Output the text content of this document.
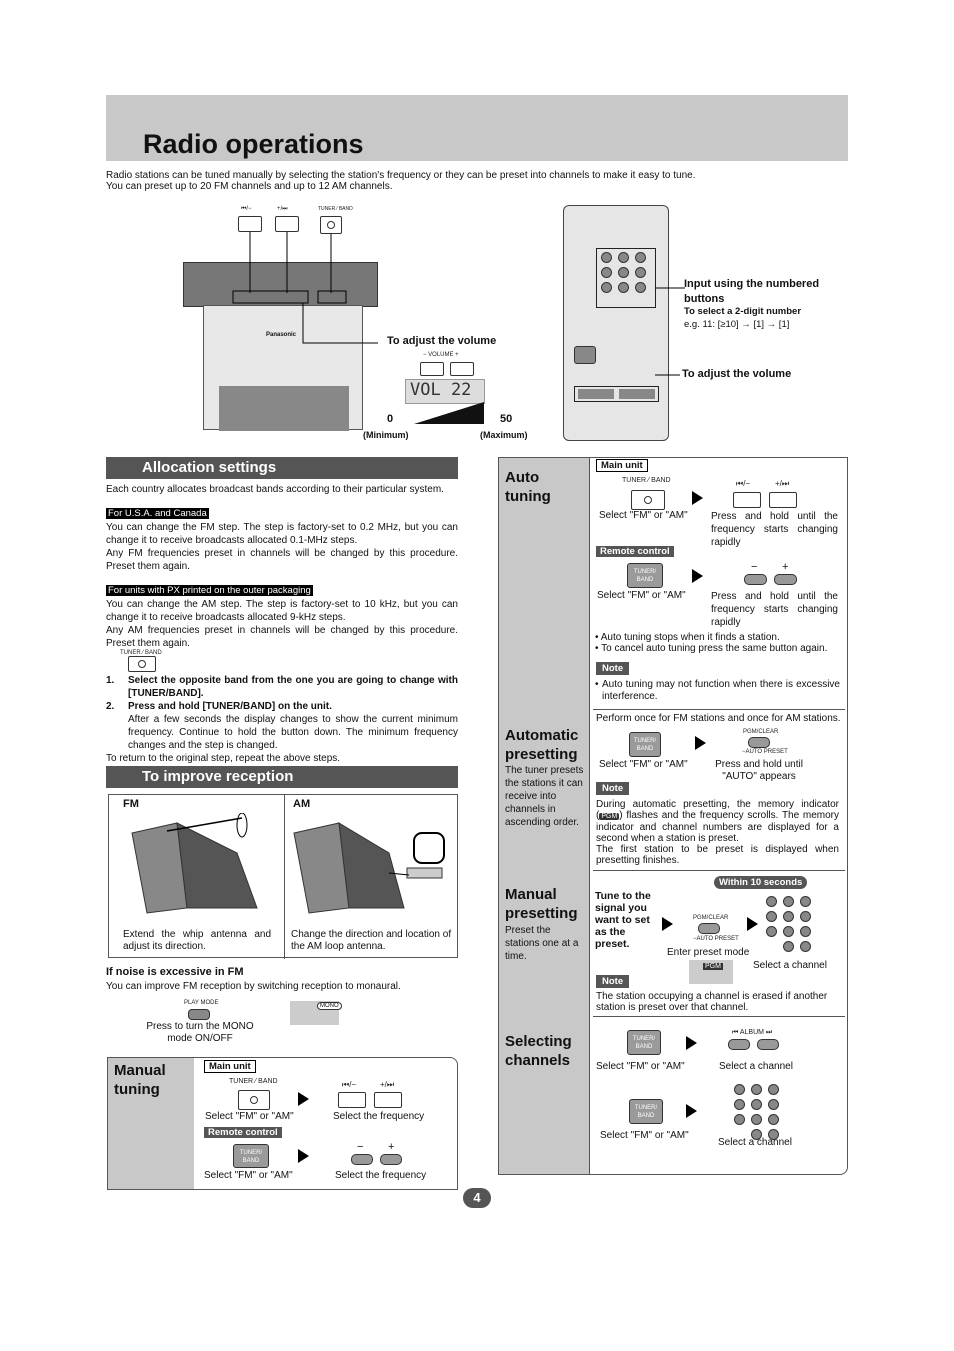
Radio operations
Radio stations can be tuned manually by selecting the station's frequency or they can be preset into channels to make it easy to tune.
You can preset up to 20 FM channels and up to 12 AM channels.
⏮/−	+/⏭	TUNER ⁄ BAND
Panasonic	To adjust the volume
− VOLUME +
VOL 22
0	50
(Minimum)	(Maximum)
Input using the numbered buttons
To select a 2-digit number
e.g. 11: [≥10] → [1] → [1]
To adjust the volume
Allocation settings
Each country allocates broadcast bands according to their particular system.
For U.S.A. and Canada
You can change the FM step. The step is factory-set to 0.2 MHz, but you can change it to receive broadcasts allocated 0.1-MHz steps.
Any FM frequencies preset in channels will be changed by this procedure. Preset them again.
For units with PX printed on the outer packaging
You can change the AM step. The step is factory-set to 10 kHz, but you can change it to receive broadcasts allocated 9-kHz steps.
Any AM frequencies preset in channels will be changed by this procedure. Preset them again.
TUNER ⁄ BAND
1.	Select the opposite band from the one you are going to change with [TUNER/BAND].
2.	Press and hold [TUNER/BAND] on the unit.
After a few seconds the display changes to show the current minimum frequency. Continue to hold the button down. The minimum frequency changes and the step is changed.
To return to the original step, repeat the above steps.
To improve reception
FM	AM
Extend the whip antenna and adjust its direction.
Change the direction and location of the AM loop antenna.
If noise is excessive in FM
You can improve FM reception by switching reception to monaural.
PLAY MODE	MONO
Press to turn the MONO mode ON/OFF
Manual tuning
Main unit
TUNER ⁄ BAND	⏮/−	+/⏭
Select "FM" or "AM"	Select the frequency
Remote control
TUNER/ BAND
− +
Select "FM" or "AM"	Select the frequency
Auto tuning
Main unit
TUNER ⁄ BAND	⏮/−	+/⏭
Select "FM" or "AM" Press and hold until the frequency starts changing rapidly
Remote control
TUNER/ BAND
− +
Select "FM" or "AM"	Press and hold until the frequency starts changing rapidly
• Auto tuning stops when it finds a station.
• To cancel auto tuning press the same button again.
Note
• Auto tuning may not function when there is excessive interference.
Automatic presetting
The tuner presets the stations it can receive into channels in ascending order.
Perform once for FM stations and once for AM stations.
TUNER/ BAND
PGM/CLEAR
−AUTO PRESET
Select "FM" or "AM"	Press and hold until "AUTO" appears
Note
During automatic presetting, the memory indicator ( PGM ) flashes and the frequency scrolls. The memory indicator and channel numbers are displayed for a second when a station is preset.
The first station to be preset is displayed when presetting finishes.
Manual presetting
Preset the stations one at a time.
Tune to the signal you want to set as the preset.
Within 10 seconds
PGM/CLEAR
−AUTO PRESET
Enter preset mode
PGM	Select a channel
Note
The station occupying a channel is erased if another station is preset over that channel.
Selecting channels
TUNER/ BAND
⏮ ALBUM ⏭
Select "FM" or "AM"	Select a channel
TUNER/ BAND
Select "FM" or "AM"
Select a channel
4
